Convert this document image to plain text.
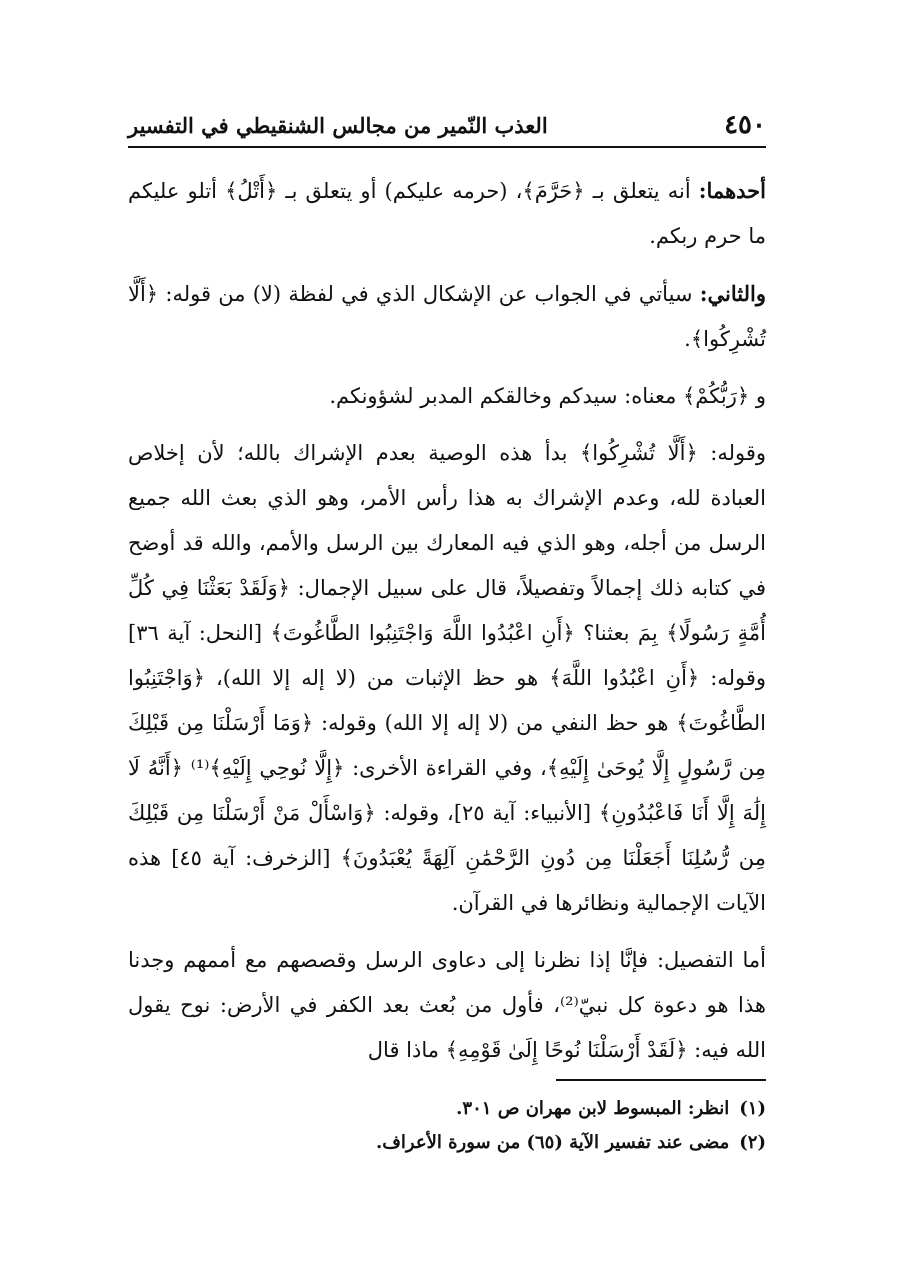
٤٥٠
العذب النّمير من مجالس الشنقيطي في التفسير

أحدهما: أنه يتعلق بـ ﴿حَرَّمَ﴾، (حرمه عليكم) أو يتعلق بـ ﴿أَتْلُ﴾ أتلو عليكم ما حرم ربكم.

والثاني: سيأتي في الجواب عن الإشكال الذي في لفظة (لا) من قوله: ﴿أَلَّا تُشْرِكُوا﴾.

و ﴿رَبُّكُمْ﴾ معناه: سيدكم وخالقكم المدبر لشؤونكم.

وقوله: ﴿أَلَّا تُشْرِكُوا﴾ بدأ هذه الوصية بعدم الإشراك بالله؛ لأن إخلاص العبادة لله، وعدم الإشراك به هذا رأس الأمر، وهو الذي بعث الله جميع الرسل من أجله، وهو الذي فيه المعارك بين الرسل والأمم، والله قد أوضح في كتابه ذلك إجمالاً وتفصيلاً، قال على سبيل الإجمال: ﴿وَلَقَدْ بَعَثْنَا فِي كُلِّ أُمَّةٍ رَسُولًا﴾ بِمَ بعثنا؟ ﴿أَنِ اعْبُدُوا اللَّهَ وَاجْتَنِبُوا الطَّاغُوتَ﴾ [النحل: آية ٣٦] وقوله: ﴿أَنِ اعْبُدُوا اللَّهَ﴾ هو حظ الإثبات من (لا إله إلا الله)، ﴿وَاجْتَنِبُوا الطَّاغُوتَ﴾ هو حظ النفي من (لا إله إلا الله) وقوله: ﴿وَمَا أَرْسَلْنَا مِن قَبْلِكَ مِن رَّسُولٍ إِلَّا يُوحَىٰ إِلَيْهِ﴾، وفي القراءة الأخرى: ﴿إِلَّا نُوحِي إِلَيْهِ﴾⁽¹⁾ ﴿أَنَّهُ لَا إِلَٰهَ إِلَّا أَنَا فَاعْبُدُونِ﴾ [الأنبياء: آية ٢٥]، وقوله: ﴿وَاسْأَلْ مَنْ أَرْسَلْنَا مِن قَبْلِكَ مِن رُّسُلِنَا أَجَعَلْنَا مِن دُونِ الرَّحْمَٰنِ آلِهَةً يُعْبَدُونَ﴾ [الزخرف: آية ٤٥] هذه الآيات الإجمالية ونظائرها في القرآن.

أما التفصيل: فإنَّا إذا نظرنا إلى دعاوى الرسل وقصصهم مع أممهم وجدنا هذا هو دعوة كل نبيّ⁽²⁾، فأول من بُعث بعد الكفر في الأرض: نوح يقول الله فيه: ﴿لَقَدْ أَرْسَلْنَا نُوحًا إِلَىٰ قَوْمِهِ﴾ ماذا قال

(١)
انظر: المبسوط لابن مهران ص ٣٠١.
(٢)
مضى عند تفسير الآية (٦٥) من سورة الأعراف.
